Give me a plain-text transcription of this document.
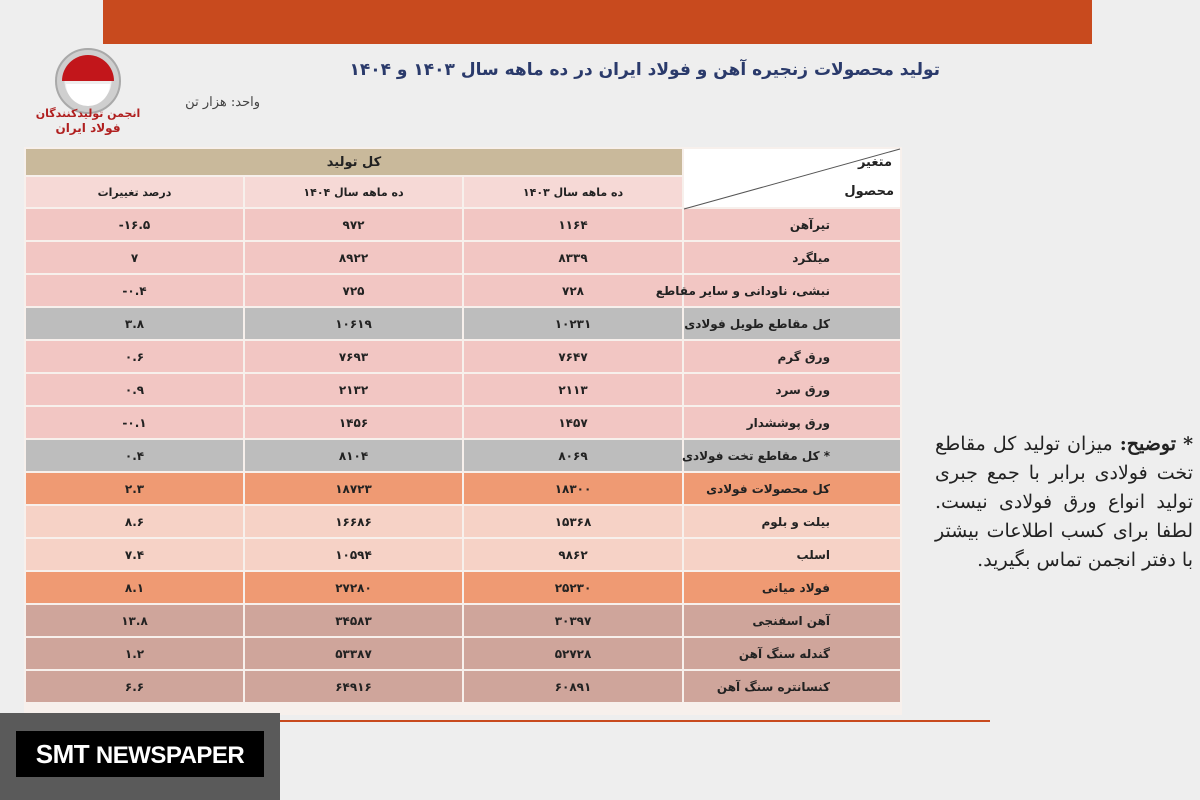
انجمن تولیدکنندگان
فولاد ایران
تولید محصولات زنجیره آهن و فولاد ایران در ده ماهه سال ۱۴۰۳ و ۱۴۰۴
واحد: هزار تن
کل تولید			متغیر
محصول

درصد تغییرات	ده ماهه سال ۱۴۰۴	ده ماهه سال ۱۴۰۳	
-۱۶.۵	۹۷۲	۱۱۶۴	تیرآهن
۷	۸۹۲۲	۸۳۳۹	میلگرد
-۰.۴	۷۲۵	۷۲۸	نبشی، ناودانی و سایر مقاطع
۳.۸	۱۰۶۱۹	۱۰۲۳۱	کل مقاطع طویل فولادی
۰.۶	۷۶۹۳	۷۶۴۷	ورق گرم
۰.۹	۲۱۳۲	۲۱۱۳	ورق سرد
-۰.۱	۱۴۵۶	۱۴۵۷	ورق پوششدار
۰.۴	۸۱۰۴	۸۰۶۹	* کل مقاطع تخت فولادی
۲.۳	۱۸۷۲۳	۱۸۳۰۰	کل محصولات فولادی
۸.۶	۱۶۶۸۶	۱۵۳۶۸	بیلت و بلوم
۷.۴	۱۰۵۹۴	۹۸۶۲	اسلب
۸.۱	۲۷۲۸۰	۲۵۲۳۰	فولاد میانی
۱۳.۸	۳۴۵۸۳	۳۰۳۹۷	آهن اسفنجی
۱.۲	۵۳۳۸۷	۵۲۷۲۸	گندله سنگ آهن
۶.۶	۶۴۹۱۶	۶۰۸۹۱	کنسانتره سنگ آهن
* توضیح: میزان تولید کل مقاطع تخت فولادی برابر با جمع جبری تولید انواع ورق فولادی نیست. لطفا برای کسب اطلاعات بیشتر با دفتر انجمن تماس بگیرید.
SMT NEWSPAPER
